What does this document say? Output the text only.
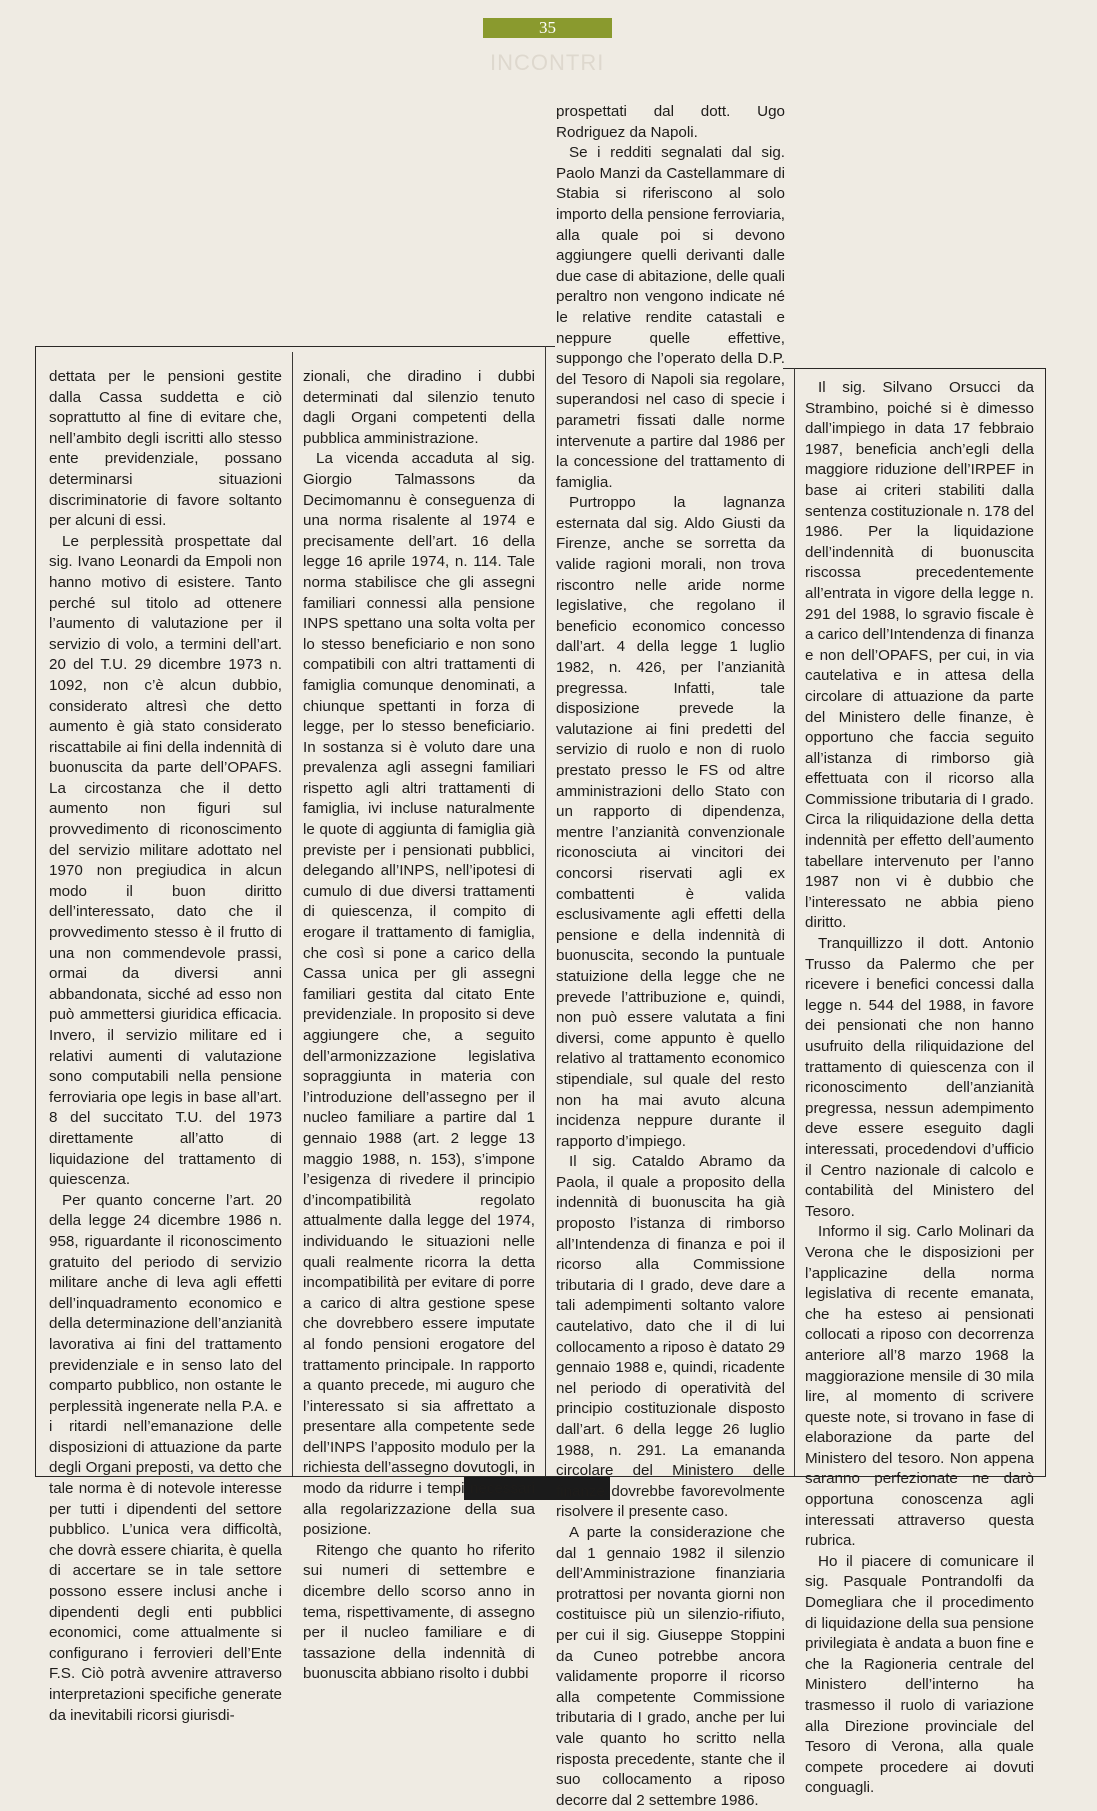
35
INCONTRI

dettata per le pensioni gestite dalla Cassa suddetta e ciò soprattutto al fine di evitare che, nell’ambito degli iscritti allo stesso ente previdenziale, possano determinarsi situazioni discriminatorie di favore soltanto per alcuni di essi.

Le perplessità prospettate dal sig. Ivano Leonardi da Empoli non hanno motivo di esistere. Tanto perché sul titolo ad ottenere l’aumento di valutazione per il servizio di volo, a termini dell’art. 20 del T.U. 29 dicembre 1973 n. 1092, non c’è alcun dubbio, considerato altresì che detto aumento è già stato considerato riscattabile ai fini della indennità di buonuscita da parte dell’OPAFS. La circostanza che il detto aumento non figuri sul provvedimento di riconoscimento del servizio militare adottato nel 1970 non pregiudica in alcun modo il buon diritto dell’interessato, dato che il provvedimento stesso è il frutto di una non commendevole prassi, ormai da diversi anni abbandonata, sicché ad esso non può ammettersi giuridica efficacia. Invero, il servizio militare ed i relativi aumenti di valutazione sono computabili nella pensione ferroviaria ope legis in base all’art. 8 del succitato T.U. del 1973 direttamente all’atto di liquidazione del trattamento di quiescenza.

Per quanto concerne l’art. 20 della legge 24 dicembre 1986 n. 958, riguardante il riconoscimento gratuito del periodo di servizio militare anche di leva agli effetti dell’inquadramento economico e della determinazione dell’anzianità lavorativa ai fini del trattamento previdenziale e in senso lato del comparto pubblico, non ostante le perplessità ingenerate nella P.A. e i ritardi nell’emanazione delle disposizioni di attuazione da parte degli Organi preposti, va detto che tale norma è di notevole interesse per tutti i dipendenti del settore pubblico. L’unica vera difficoltà, che dovrà essere chiarita, è quella di accertare se in tale settore possono essere inclusi anche i dipendenti degli enti pubblici economici, come attualmente si configurano i ferrovieri dell’Ente F.S. Ciò potrà avvenire attraverso interpretazioni specifiche generate da inevitabili ricorsi giurisdi-

zionali, che diradino i dubbi determinati dal silenzio tenuto dagli Organi competenti della pubblica amministrazione.

La vicenda accaduta al sig. Giorgio Talmassons da Decimomannu è conseguenza di una norma risalente al 1974 e precisamente dell’art. 16 della legge 16 aprile 1974, n. 114. Tale norma stabilisce che gli assegni familiari connessi alla pensione INPS spettano una solta volta per lo stesso beneficiario e non sono compatibili con altri trattamenti di famiglia comunque denominati, a chiunque spettanti in forza di legge, per lo stesso beneficiario. In sostanza si è voluto dare una prevalenza agli assegni familiari rispetto agli altri trattamenti di famiglia, ivi incluse naturalmente le quote di aggiunta di famiglia già previste per i pensionati pubblici, delegando all’INPS, nell’ipotesi di cumulo di due diversi trattamenti di quiescenza, il compito di erogare il trattamento di famiglia, che così si pone a carico della Cassa unica per gli assegni familiari gestita dal citato Ente previdenziale. In proposito si deve aggiungere che, a seguito dell’armonizzazione legislativa sopraggiunta in materia con l’introduzione dell’assegno per il nucleo familiare a partire dal 1 gennaio 1988 (art. 2 legge 13 maggio 1988, n. 153), s’impone l’esigenza di rivedere il principio d’incompatibilità regolato attualmente dalla legge del 1974, individuando le situazioni nelle quali realmente ricorra la detta incompatibilità per evitare di porre a carico di altra gestione spese che dovrebbero essere imputate al fondo pensioni erogatore del trattamento principale. In rapporto a quanto precede, mi auguro che l’interessato si sia affrettato a presentare alla competente sede dell’INPS l’apposito modulo per la richiesta dell’assegno dovutogli, in modo da ridurre i tempi necessari alla regolarizzazione della sua posizione.

Ritengo che quanto ho riferito sui numeri di settembre e dicembre dello scorso anno in tema, rispettivamente, di assegno per il nucleo familiare e di tassazione della indennità di buonuscita abbiano risolto i dubbi

prospettati dal dott. Ugo Rodriguez da Napoli.

Se i redditi segnalati dal sig. Paolo Manzi da Castellammare di Stabia si riferiscono al solo importo della pensione ferroviaria, alla quale poi si devono aggiungere quelli derivanti dalle due case di abitazione, delle quali peraltro non vengono indicate né le relative rendite catastali e neppure quelle effettive, suppongo che l’operato della D.P. del Tesoro di Napoli sia regolare, superandosi nel caso di specie i parametri fissati dalle norme intervenute a partire dal 1986 per la concessione del trattamento di famiglia.

Purtroppo la lagnanza esternata dal sig. Aldo Giusti da Firenze, anche se sorretta da valide ragioni morali, non trova riscontro nelle aride norme legislative, che regolano il beneficio economico concesso dall’art. 4 della legge 1 luglio 1982, n. 426, per l’anzianità pregressa. Infatti, tale disposizione prevede la valutazione ai fini predetti del servizio di ruolo e non di ruolo prestato presso le FS od altre amministrazioni dello Stato con un rapporto di dipendenza, mentre l’anzianità convenzionale riconosciuta ai vincitori dei concorsi riservati agli ex combattenti è valida esclusivamente agli effetti della pensione e della indennità di buonuscita, secondo la puntuale statuizione della legge che ne prevede l’attribuzione e, quindi, non può essere valutata a fini diversi, come appunto è quello relativo al trattamento economico stipendiale, sul quale del resto non ha mai avuto alcuna incidenza neppure durante il rapporto d’impiego.

Il sig. Cataldo Abramo da Paola, il quale a proposito della indennità di buonuscita ha già proposto l’istanza di rimborso all’Intendenza di finanza e poi il ricorso alla Commissione tributaria di I grado, deve dare a tali adempimenti soltanto valore cautelativo, dato che il di lui collocamento a riposo è datato 29 gennaio 1988 e, quindi, ricadente nel periodo di operatività del principio costituzionale disposto dall’art. 6 della legge 26 luglio 1988, n. 291. La emananda circolare del Ministero delle finanze dovrebbe favorevolmente risolvere il presente caso.

A parte la considerazione che dal 1 gennaio 1982 il silenzio dell’Amministrazione finanziaria protrattosi per novanta giorni non costituisce più un silenzio-rifiuto, per cui il sig. Giuseppe Stoppini da Cuneo potrebbe ancora validamente proporre il ricorso alla competente Commissione tributaria di I grado, anche per lui vale quanto ho scritto nella risposta precedente, stante che il suo collocamento a riposo decorre dal 2 settembre 1986.

Il sig. Silvano Orsucci da Strambino, poiché si è dimesso dall’impiego in data 17 febbraio 1987, beneficia anch’egli della maggiore riduzione dell’IRPEF in base ai criteri stabiliti dalla sentenza costituzionale n. 178 del 1986. Per la liquidazione dell’indennità di buonuscita riscossa precedentemente all’entrata in vigore della legge n. 291 del 1988, lo sgravio fiscale è a carico dell’Intendenza di finanza e non dell’OPAFS, per cui, in via cautelativa e in attesa della circolare di attuazione da parte del Ministero delle finanze, è opportuno che faccia seguito all’istanza di rimborso già effettuata con il ricorso alla Commissione tributaria di I grado. Circa la riliquidazione della detta indennità per effetto dell’aumento tabellare intervenuto per l’anno 1987 non vi è dubbio che l’interessato ne abbia pieno diritto.

Tranquillizzo il dott. Antonio Trusso da Palermo che per ricevere i benefici concessi dalla legge n. 544 del 1988, in favore dei pensionati che non hanno usufruito della riliquidazione del trattamento di quiescenza con il riconoscimento dell’anzianità pregressa, nessun adempimento deve essere eseguito dagli interessati, procedendovi d’ufficio il Centro nazionale di calcolo e contabilità del Ministero del Tesoro.

Informo il sig. Carlo Molinari da Verona che le disposizioni per l’applicazine della norma legislativa di recente emanata, che ha esteso ai pensionati collocati a riposo con decorrenza anteriore all’8 marzo 1968 la maggiorazione mensile di 30 mila lire, al momento di scrivere queste note, si trovano in fase di elaborazione da parte del Ministero del tesoro. Non appena saranno perfezionate ne darò opportuna conoscenza agli interessati attraverso questa rubrica.

Ho il piacere di comunicare il sig. Pasquale Pontrandolfi da Domegliara che il procedimento di liquidazione della sua pensione privilegiata è andata a buon fine e che la Ragioneria centrale del Ministero dell’interno ha trasmesso il ruolo di variazione alla Direzione provinciale del Tesoro di Verona, alla quale compete procedere ai dovuti conguagli.
